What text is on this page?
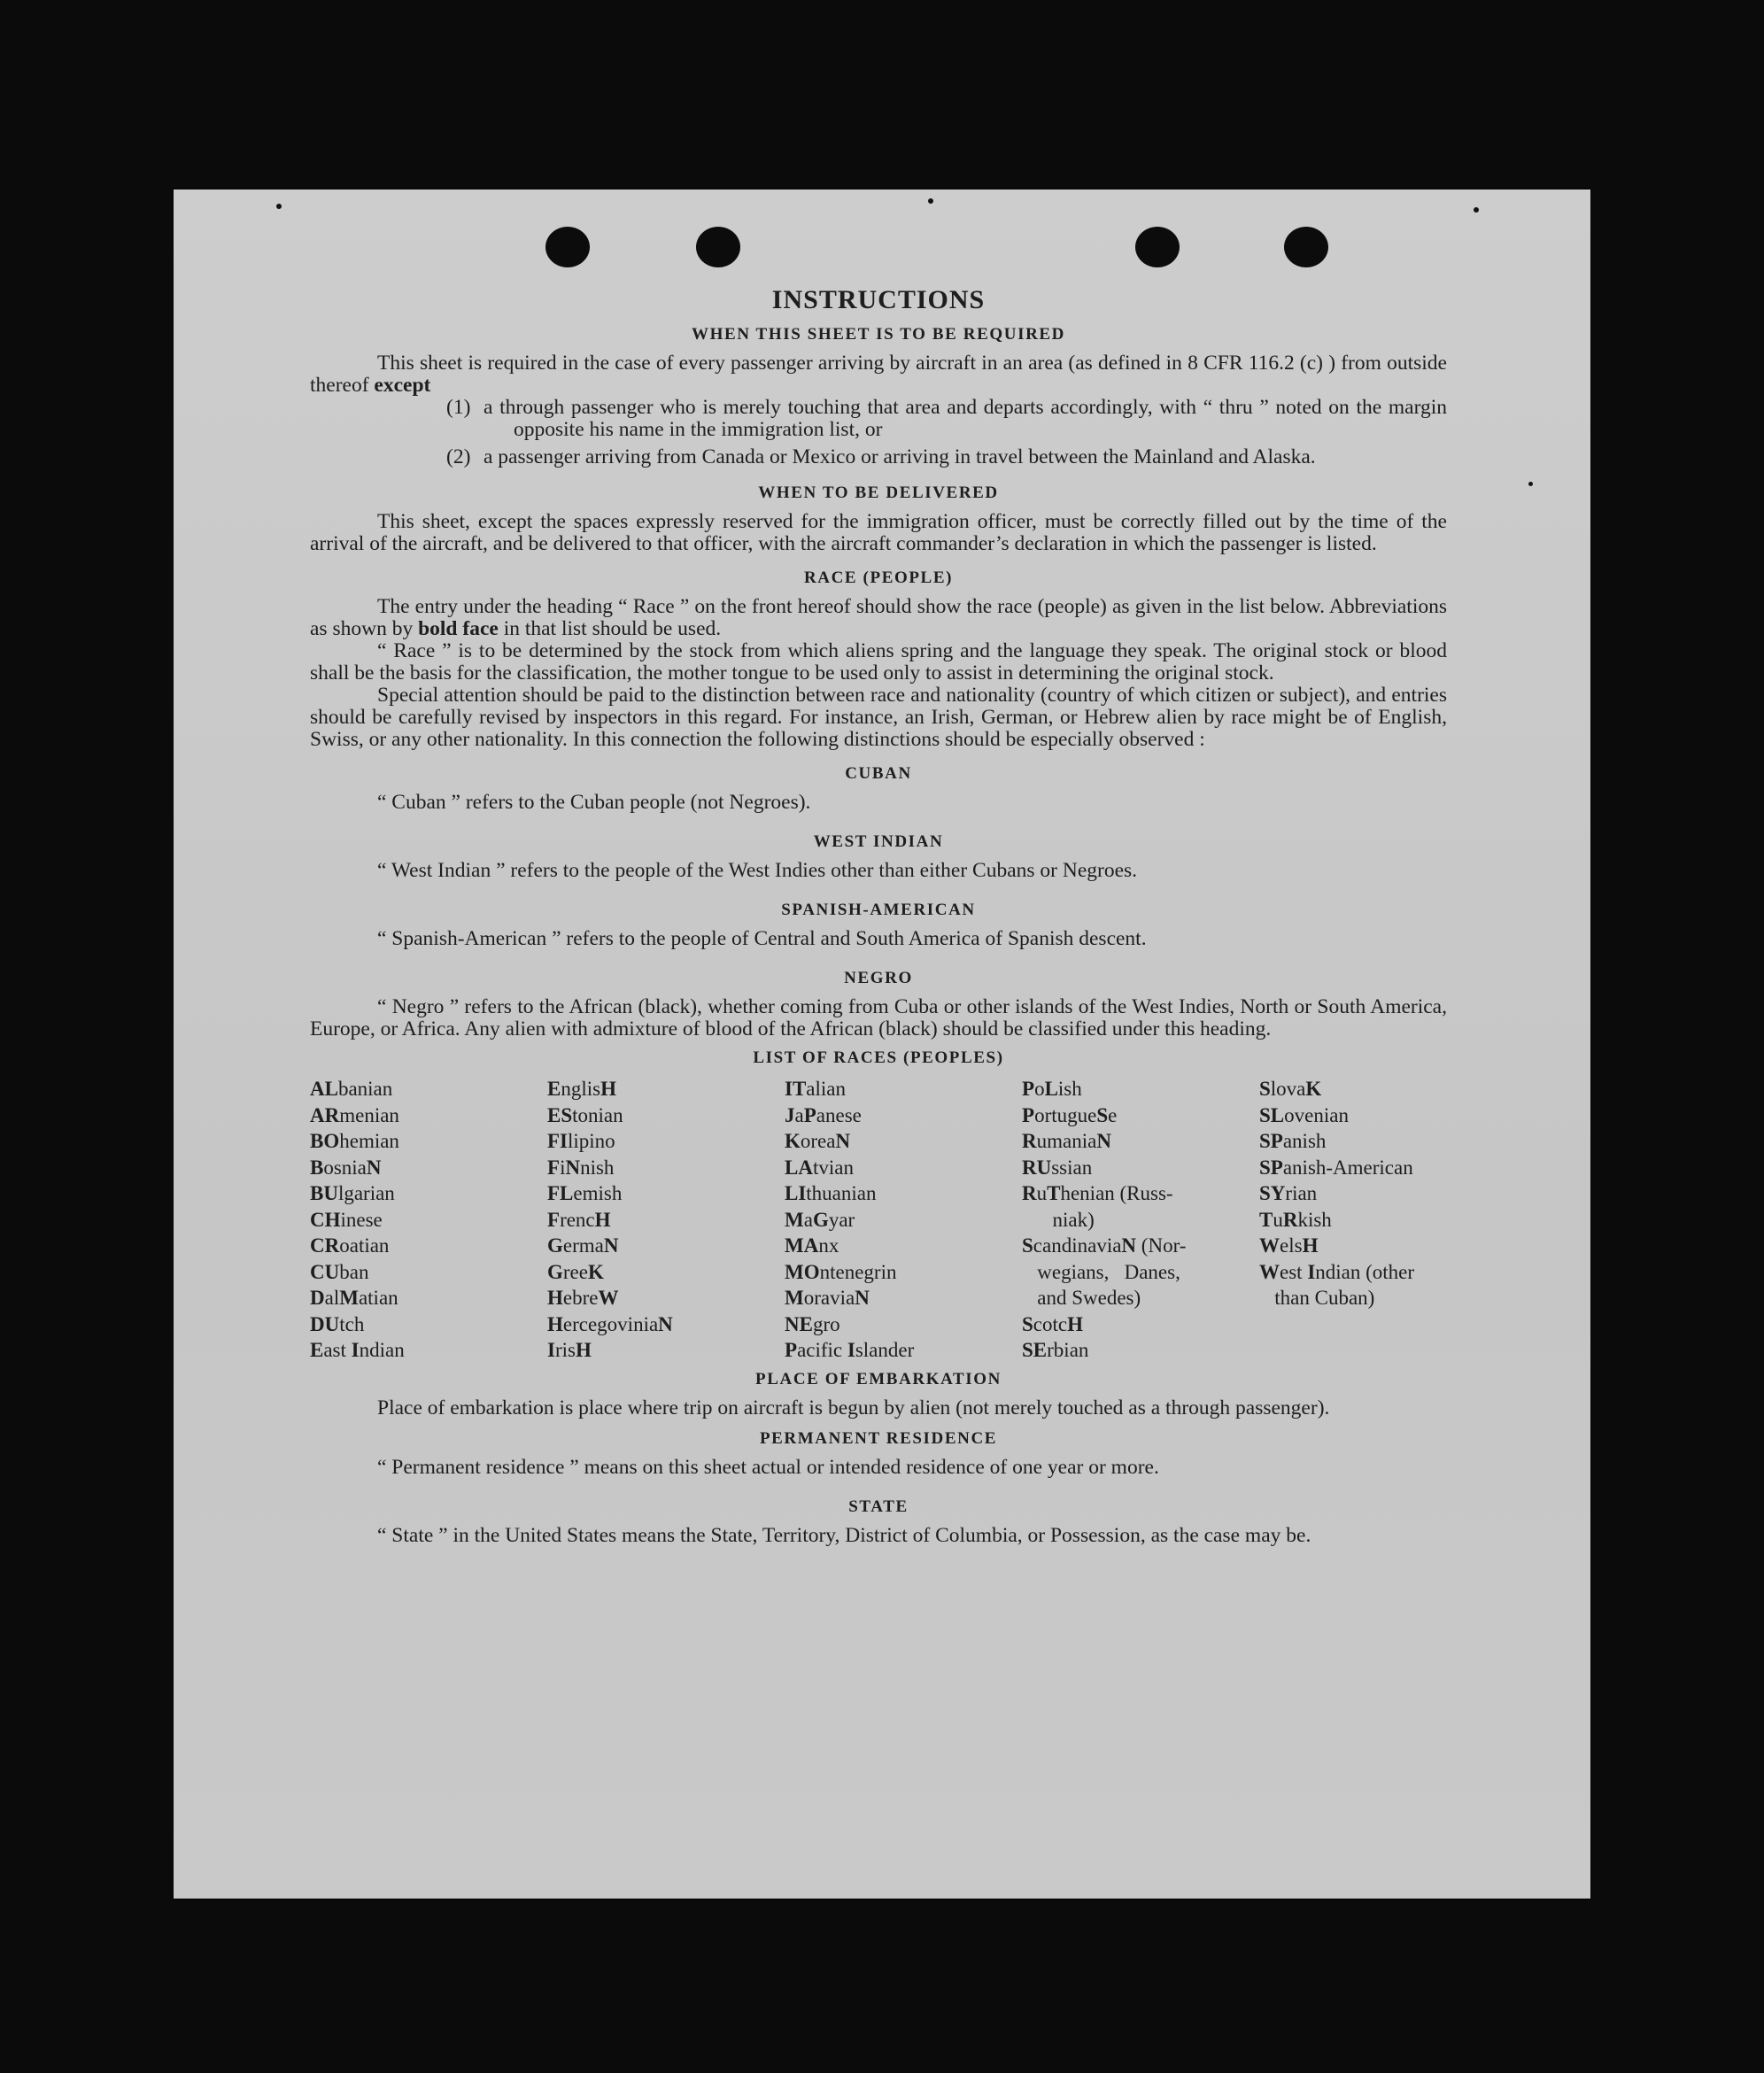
INSTRUCTIONS
WHEN THIS SHEET IS TO BE REQUIRED

This sheet is required in the case of every passenger arriving by aircraft in an area (as defined in 8 CFR 116.2 (c) ) from outside thereof except

(1) a through passenger who is merely touching that area and departs accordingly, with “ thru ” noted on the margin opposite his name in the immigration list, or
(2) a passenger arriving from Canada or Mexico or arriving in travel between the Mainland and Alaska.
WHEN TO BE DELIVERED

This sheet, except the spaces expressly reserved for the immigration officer, must be correctly filled out by the time of the arrival of the aircraft, and be delivered to that officer, with the aircraft commander’s declaration in which the passenger is listed.

RACE (PEOPLE)

The entry under the heading “ Race ” on the front hereof should show the race (people) as given in the list below. Abbreviations as shown by bold face in that list should be used.

“ Race ” is to be determined by the stock from which aliens spring and the language they speak. The original stock or blood shall be the basis for the classification, the mother tongue to be used only to assist in determining the original stock.

Special attention should be paid to the distinction between race and nationality (country of which citizen or subject), and entries should be carefully revised by inspectors in this regard. For instance, an Irish, German, or Hebrew alien by race might be of English, Swiss, or any other nationality. In this connection the following distinctions should be especially observed :

CUBAN

“ Cuban ” refers to the Cuban people (not Negroes).

WEST INDIAN

“ West Indian ” refers to the people of the West Indies other than either Cubans or Negroes.

SPANISH-AMERICAN

“ Spanish-American ” refers to the people of Central and South America of Spanish descent.

NEGRO

“ Negro ” refers to the African (black), whether coming from Cuba or other islands of the West Indies, North or South America, Europe, or Africa. Any alien with admixture of blood of the African (black) should be classified under this heading.

LIST OF RACES (PEOPLES)
ALbanian
ARmenian
BOhemian
BosniaN
BUlgarian
CHinese
CRoatian
CUban
DalMatian
DUtch
East Indian
EnglisH
EStonian
FIlipino
FiNnish
FLemish
FrencH
GermaN
GreeK
HebreW
HercegoviniaN
IrisH
ITalian
JaPanese
KoreaN
LAtvian
LIthuanian
MaGyar
MAnx
MOntenegrin
MoraviaN
NEgro
Pacific Islander
PoLish
PortugueSe
RumaniaN
RUssian
RuThenian (Russ-
niak)
ScandinaviaN (Nor-
wegians,   Danes,
and Swedes)
ScotcH
SErbian
SlovaK
SLovenian
SPanish
SPanish-American
SYrian
TuRkish
WelsH
West Indian (other
than Cuban)
PLACE OF EMBARKATION

Place of embarkation is place where trip on aircraft is begun by alien (not merely touched as a through passenger).

PERMANENT RESIDENCE

“ Permanent residence ” means on this sheet actual or intended residence of one year or more.

STATE

“ State ” in the United States means the State, Territory, District of Columbia, or Possession, as the case may be.
